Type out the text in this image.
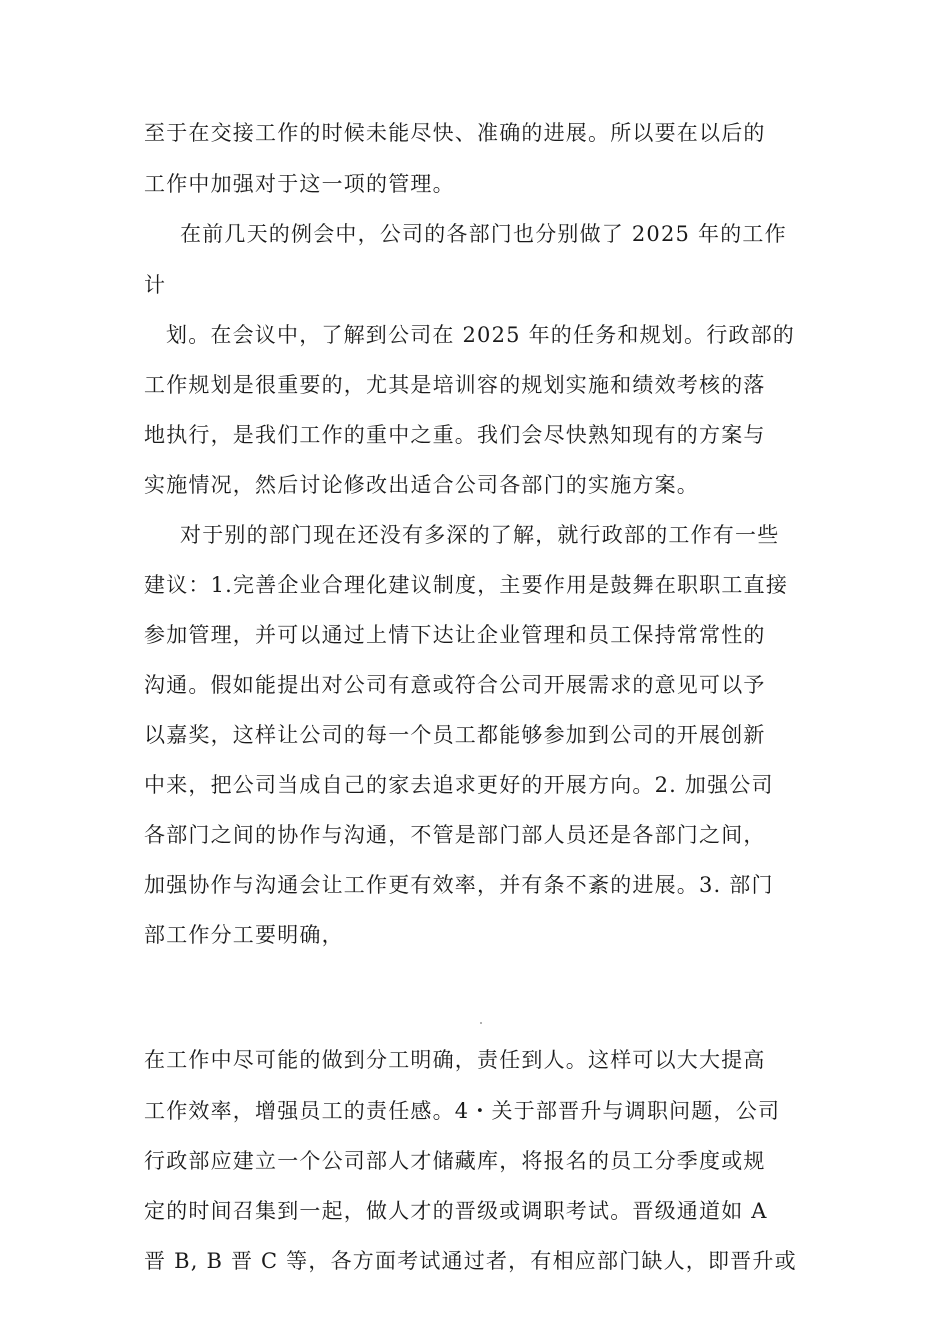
至于在交接工作的时候未能尽快、准确的进展。所以要在以后的
工作中加强对于这一项的管理。
在前几天的例会中，公司的各部门也分别做了 2025 年的工作
计
划。在会议中，了解到公司在 2025 年的任务和规划。行政部的
工作规划是很重要的，尤其是培训容的规划实施和绩效考核的落
地执行，是我们工作的重中之重。我们会尽快熟知现有的方案与
实施情况，然后讨论修改出适合公司各部门的实施方案。
对于别的部门现在还没有多深的了解，就行政部的工作有一些
建议：1.完善企业合理化建议制度，主要作用是鼓舞在职职工直接
参加管理，并可以通过上情下达让企业管理和员工保持常常性的
沟通。假如能提出对公司有意或符合公司开展需求的意见可以予
以嘉奖，这样让公司的每一个员工都能够参加到公司的开展创新
中来，把公司当成自己的家去追求更好的开展方向。2. 加强公司
各部门之间的协作与沟通，不管是部门部人员还是各部门之间，
加强协作与沟通会让工作更有效率，并有条不紊的进展。3. 部门
部工作分工要明确，
在工作中尽可能的做到分工明确，责任到人。这样可以大大提高
工作效率，增强员工的责任感。4・关于部晋升与调职问题，公司
行政部应建立一个公司部人才储藏库，将报名的员工分季度或规
定的时间召集到一起，做人才的晋级或调职考试。晋级通道如 A
晋 B, B 晋 C 等，各方面考试通过者，有相应部门缺人，即晋升或
